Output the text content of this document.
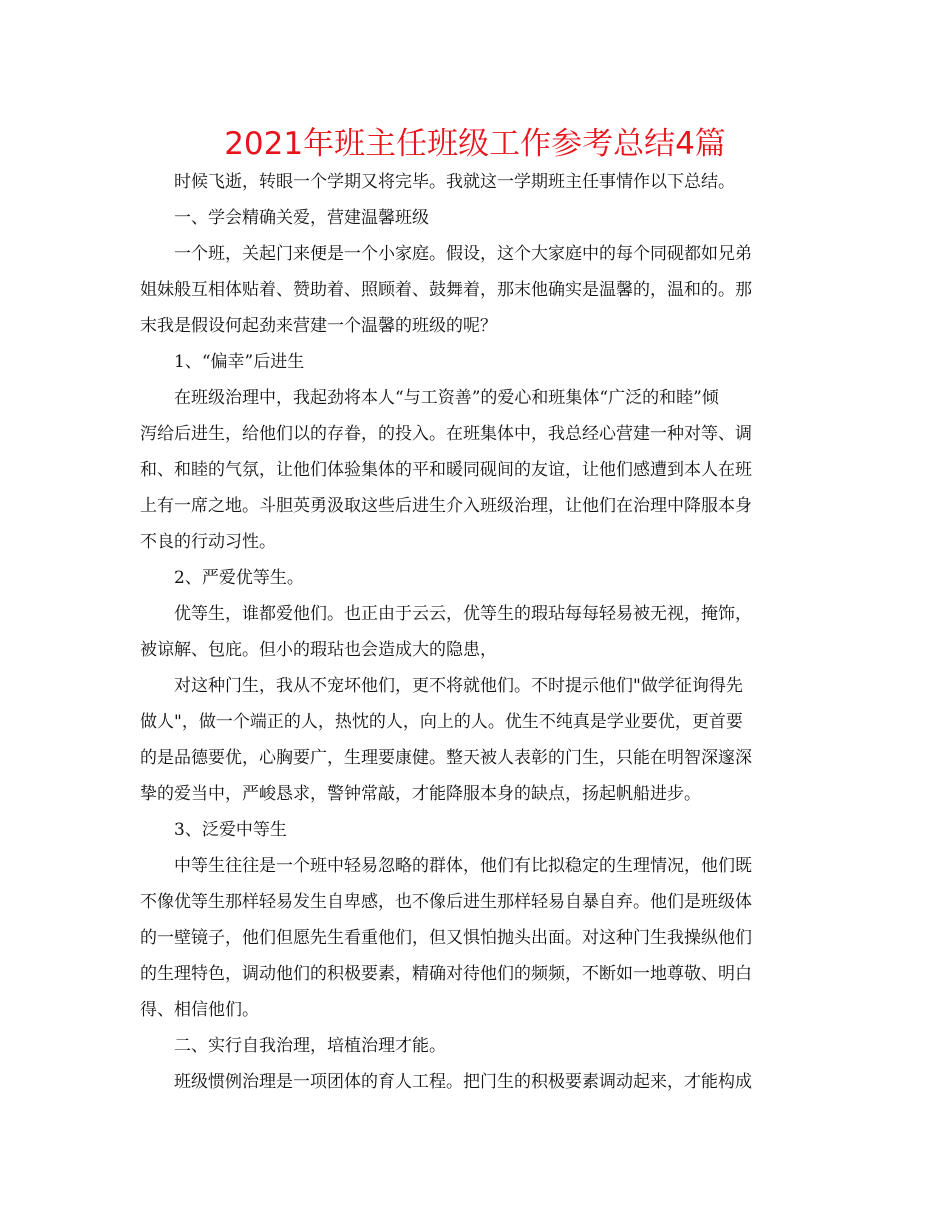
2021年班主任班级工作参考总结4篇
时候飞逝，转眼一个学期又将完毕。我就这一学期班主任事情作以下总结。
一、学会精确关爱，营建温馨班级
一个班，关起门来便是一个小家庭。假设，这个大家庭中的每个同砚都如兄弟
姐妹般互相体贴着、赞助着、照顾着、鼓舞着，那末他确实是温馨的，温和的。那
末我是假设何起劲来营建一个温馨的班级的呢？
1、“偏幸”后进生
在班级治理中，我起劲将本人“与工资善”的爱心和班集体“广泛的和睦”倾
泻给后进生，给他们以的存眷，的投入。在班集体中，我总经心营建一种对等、调
和、和睦的气氛，让他们体验集体的平和暖同砚间的友谊，让他们感遭到本人在班
上有一席之地。斗胆英勇汲取这些后进生介入班级治理，让他们在治理中降服本身
不良的行动习性。
2、严爱优等生。
优等生，谁都爱他们。也正由于云云，优等生的瑕玷每每轻易被无视，掩饰，
被谅解、包庇。但小的瑕玷也会造成大的隐患，
对这种门生，我从不宠坏他们，更不将就他们。不时提示他们"做学征询得先
做人"，做一个端正的人，热忱的人，向上的人。优生不纯真是学业要优，更首要
的是品德要优，心胸要广，生理要康健。整天被人表彰的门生，只能在明智深邃深
挚的爱当中，严峻恳求，警钟常敲，才能降服本身的缺点，扬起帆船进步。
3、泛爱中等生
中等生往往是一个班中轻易忽略的群体，他们有比拟稳定的生理情况，他们既
不像优等生那样轻易发生自卑感，也不像后进生那样轻易自暴自弃。他们是班级体
的一壁镜子，他们但愿先生看重他们，但又惧怕抛头出面。对这种门生我操纵他们
的生理特色，调动他们的积极要素，精确对待他们的频频，不断如一地尊敬、明白
得、相信他们。
二、实行自我治理，培植治理才能。
班级惯例治理是一项团体的育人工程。把门生的积极要素调动起来，才能构成
